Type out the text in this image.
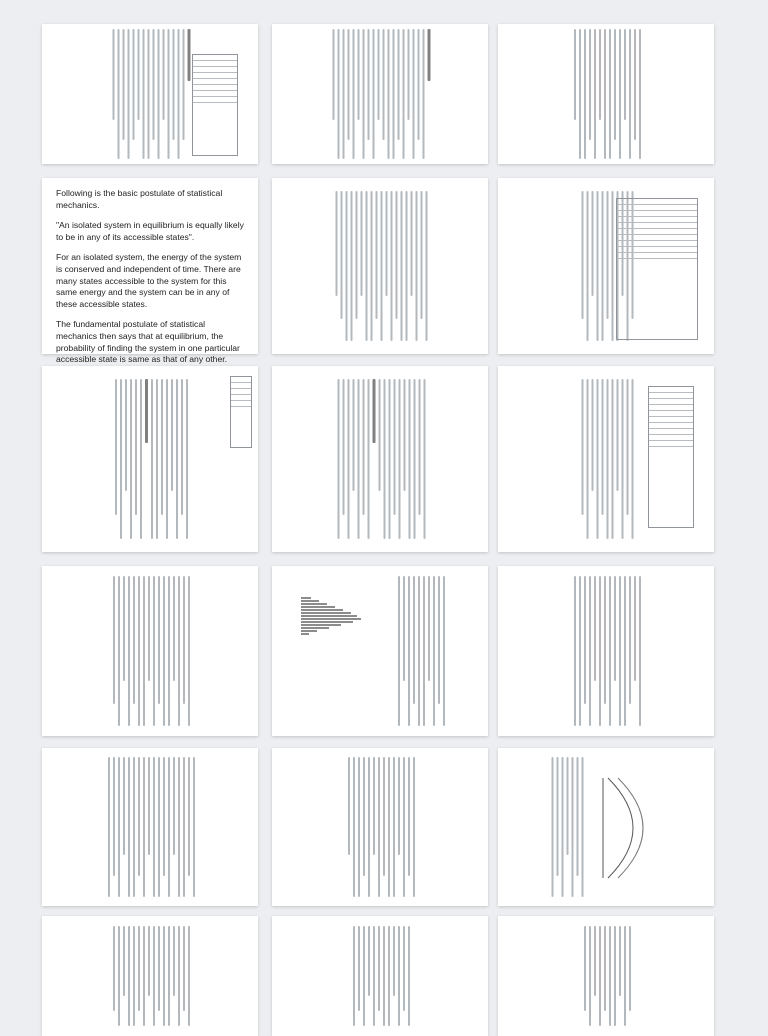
Following is the basic postulate of statistical mechanics.

"An isolated system in equilibrium is equally likely to be in any of its accessible states".

For an isolated system, the energy of the system is conserved and independent of time. There are many states accessible to the system for this same energy and the system can be in any of these accessible states.

The fundamental postulate of statistical mechanics then says that at equilibrium, the probability of finding the system in one particular accessible state is same as that of any other.
